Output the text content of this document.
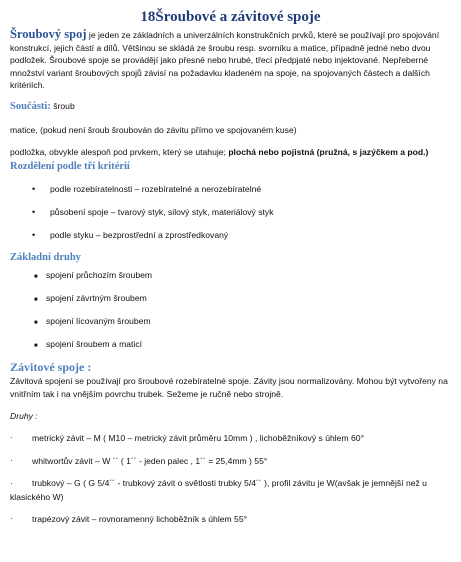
18Šroubové a závitové spoje

Šroubový spoj je jeden ze základních a univerzálních konstrukčních prvků, které se používají pro spojování konstrukcí, jejich částí a dílů. Většinou se skládá ze šroubu resp. svorníku a matice, případně jedné nebo dvou podložek. Šroubové spoje se provádějí jako přesné nebo hrubé, třecí předpjaté nebo injektované. Nepřeberné množství variant šroubových spojů závisí na požadavku kladeném na spoje, na spojovaných částech a dalších kritériích.

Součásti: šroub

matice, (pokud není šroub šroubován do závitu přímo ve spojovaném kuse)

podložka, obvykle alespoň pod prvkem, který se utahuje; plochá nebo pojistná (pružná, s jazýčkem a pod.) Rozdělení podle tří kritérií

• podle rozebíratelnosti – rozebíratelné a nerozebíratelné
• působení spoje – tvarový styk, silový styk, materiálový styk
• podle styku – bezprostřední a zprostředkovaný

Základní druhy

■ spojení průchozím šroubem
■ spojení závrtným šroubem
■ spojení lícovaným šroubem
■ spojení šroubem a maticí
Závitové spoje :

Závitová spojení se používají pro šroubové rozebíratelné spoje. Závity jsou normalizovány. Mohou být vytvořeny na vnitřním tak i na vnějším povrchu trubek. Sežeme je ručně nebo strojně.

Druhy :

· metrický závit – M ( M10 – metrický závit průměru 10mm ) , lichoběžníkový s úhlem 60°

· whitwortův závit – W ´´ ( 1´´ - jeden palec , 1´´ = 25,4mm ) 55°

· trubkový – G ( G 5/4´´ - trubkový závit o světlosti trubky 5/4´´ ), profil závitu je W(avšak je jemnější než u klasického W)

· trapézový závit – rovnoramenný lichoběžník s úhlem 55°
